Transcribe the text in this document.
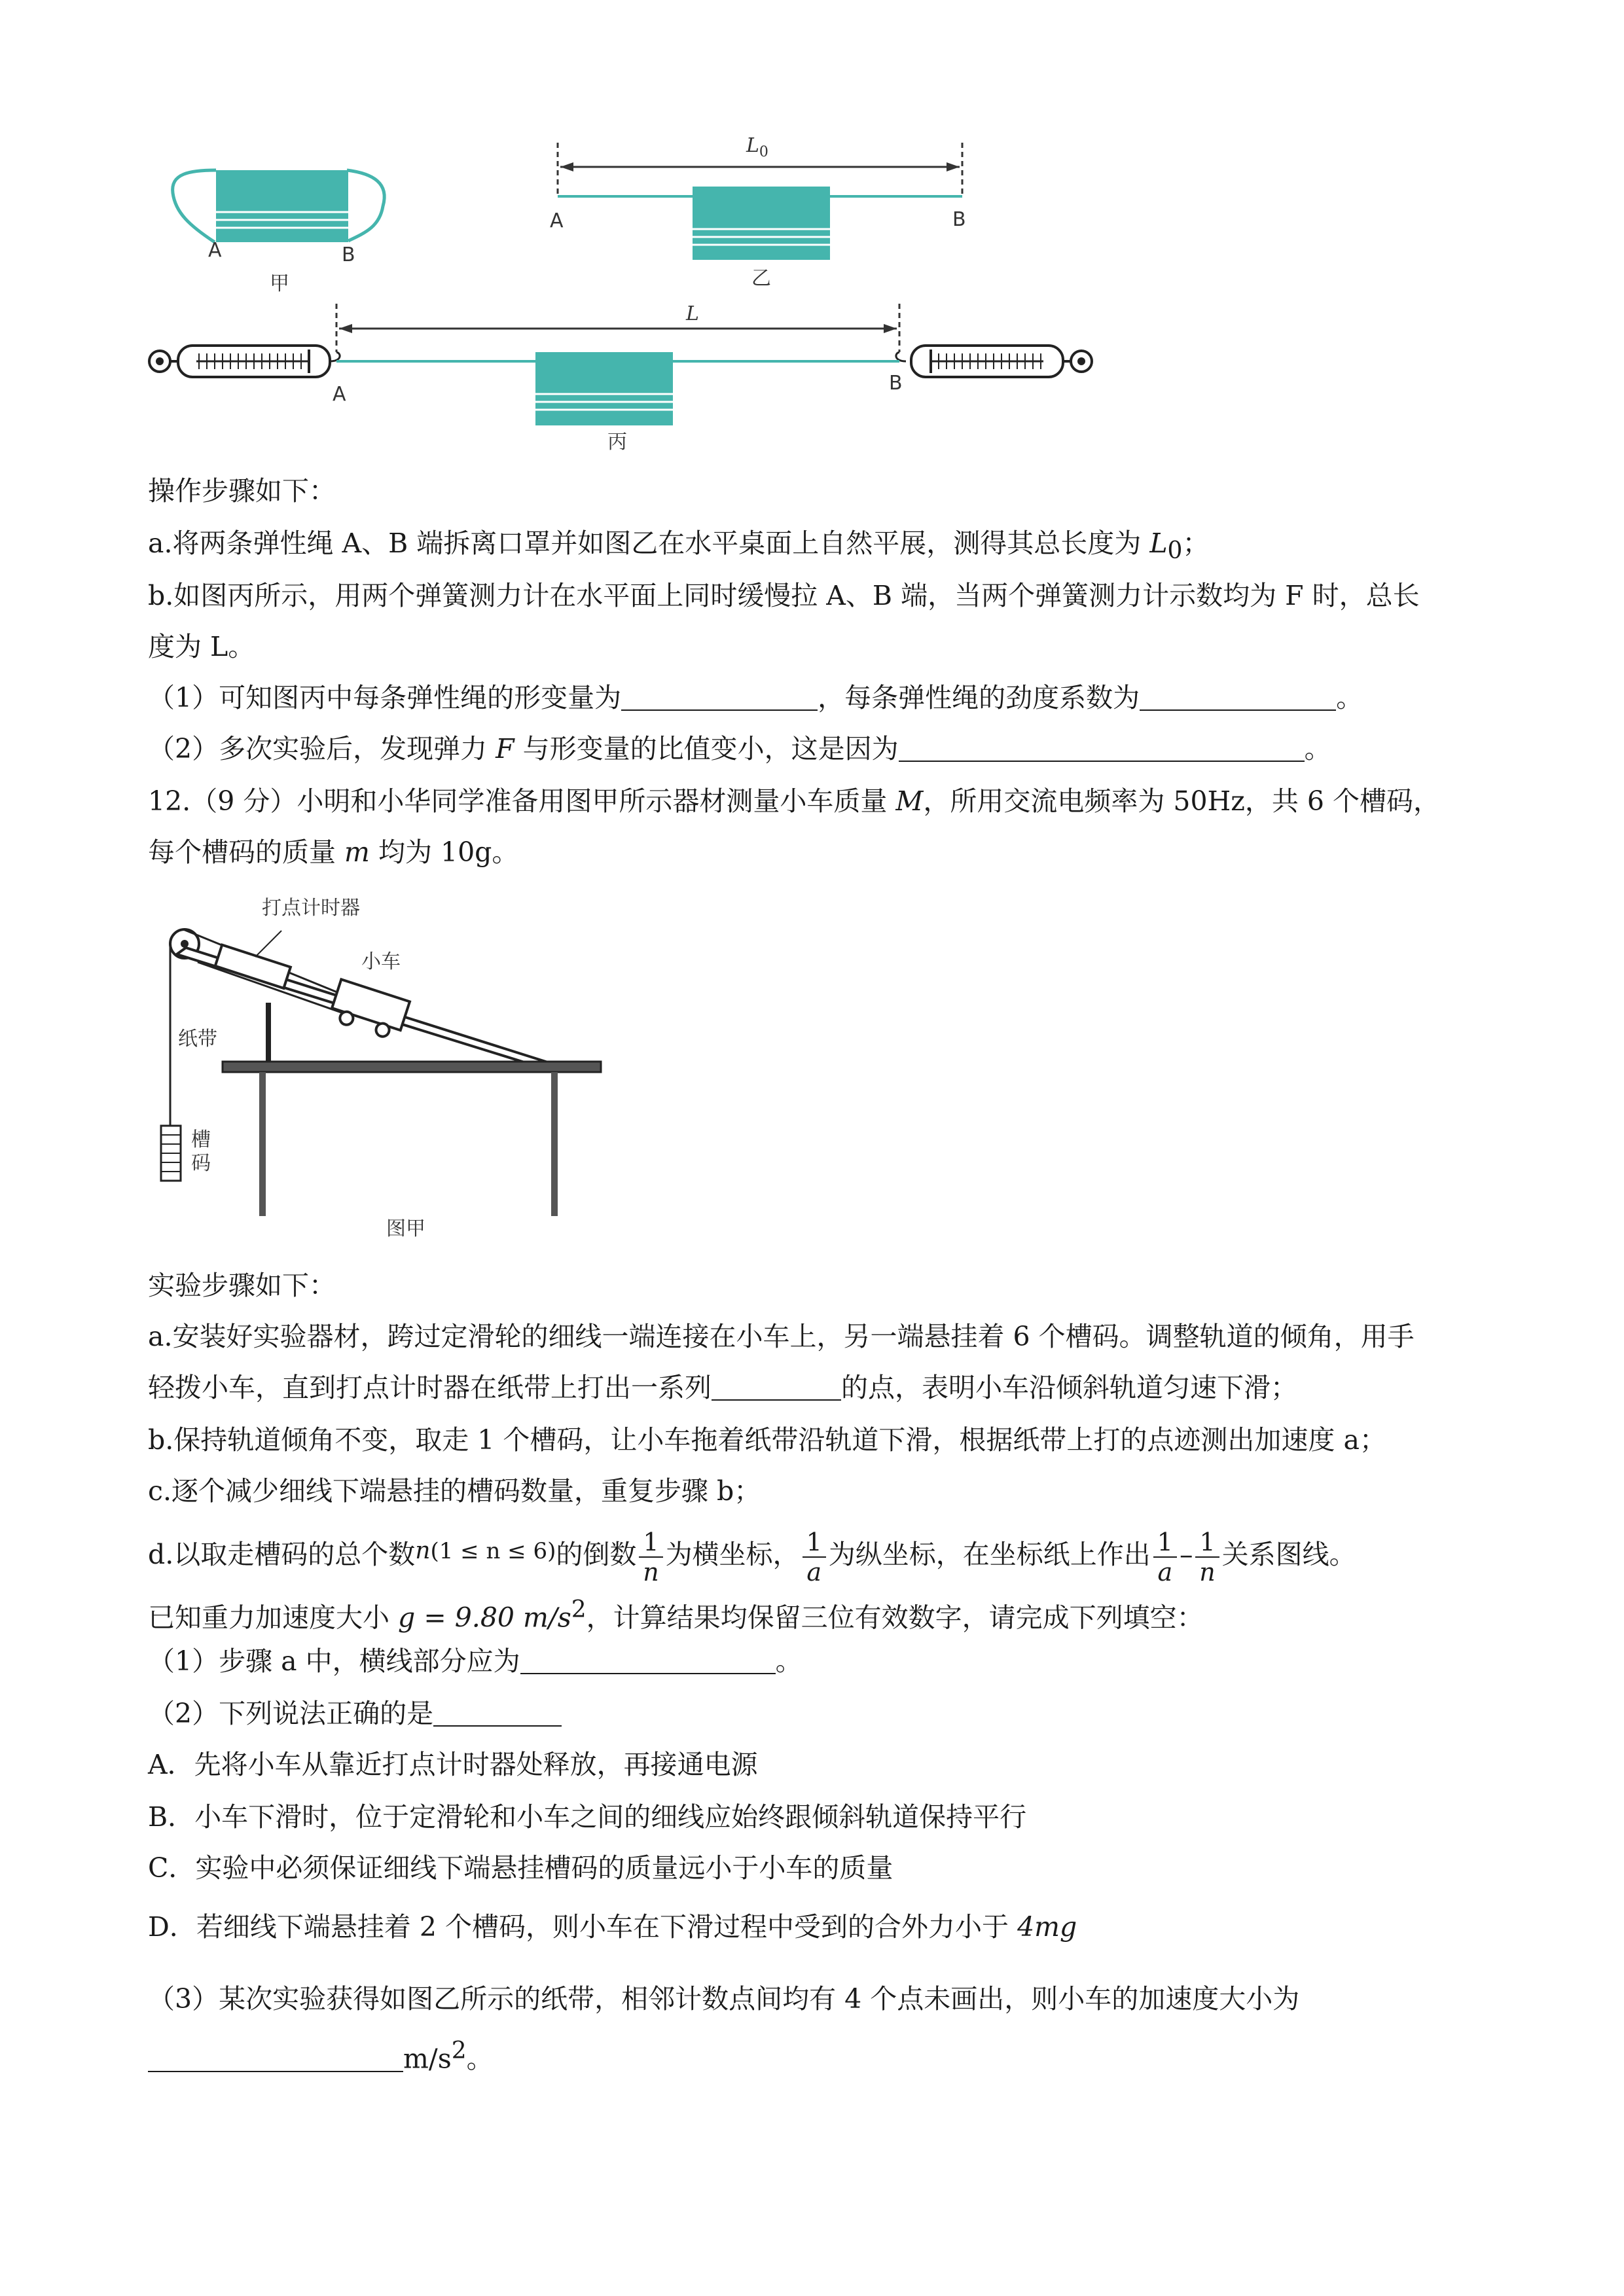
A	B
甲
$L_0$
A	B
乙
L
A	B
丙
操作步骤如下：
a.将两条弹性绳 A、B 端拆离口罩并如图乙在水平桌面上自然平展，测得其总长度为 $L_0$；
b.如图丙所示，用两个弹簧测力计在水平面上同时缓慢拉 A、B 端，当两个弹簧测力计示数均为 F 时，总长
度为 L。
（1）可知图丙中每条弹性绳的形变量为	，每条弹性绳的劲度系数为	。
（2）多次实验后，发现弹力 F 与形变量的比值变小，这是因为	。
12.（9 分）小明和小华同学准备用图甲所示器材测量小车质量 M，所用交流电频率为 50Hz，共 6 个槽码，
每个槽码的质量 m 均为 10g。
打点计时器
小车
纸带
槽
码
图甲
实验步骤如下：
a.安装好实验器材，跨过定滑轮的细线一端连接在小车上，另一端悬挂着 6 个槽码。调整轨道的倾角，用手
轻拨小车，直到打点计时器在纸带上打出一系列	的点，表明小车沿倾斜轨道匀速下滑；
b.保持轨道倾角不变，取走 1 个槽码，让小车拖着纸带沿轨道下滑，根据纸带上打的点迹测出加速度 a；
c.逐个减少细线下端悬挂的槽码数量，重复步骤 b；
d.以取走槽码的总个数n(1 ≤ n ≤ 6)的倒数 $\frac{1}{n}$ 为横坐标， $\frac{1}{a}$ 为纵坐标，在坐标纸上作出 $\frac{1}{a} - \frac{1}{n}$ 关系图线。
已知重力加速度大小 g = 9.80 $m/s^2$，计算结果均保留三位有效数字，请完成下列填空：
（1）步骤 a 中，横线部分应为	。
（2）下列说法正确的是
A．先将小车从靠近打点计时器处释放，再接通电源
B．小车下滑时，位于定滑轮和小车之间的细线应始终跟倾斜轨道保持平行
C．实验中必须保证细线下端悬挂槽码的质量远小于小车的质量
D．若细线下端悬挂着 2 个槽码，则小车在下滑过程中受到的合外力小于 4mg
（3）某次实验获得如图乙所示的纸带，相邻计数点间均有 4 个点未画出，则小车的加速度大小为
$m/s^2$。
